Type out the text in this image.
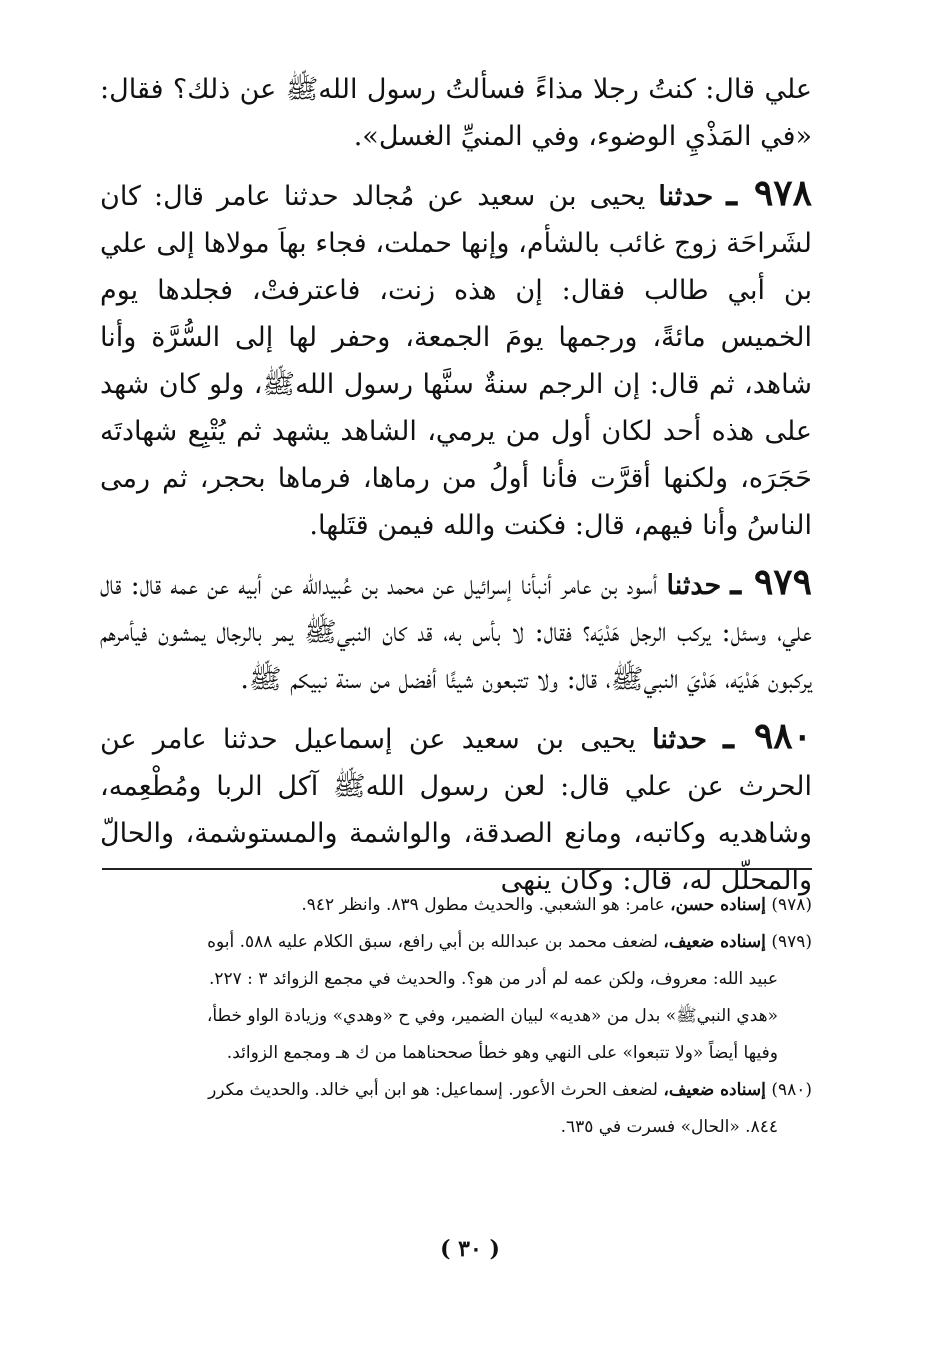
علي قال: كنتُ رجلا مذاءً فسألتُ رسول اللهﷺ عن ذلك؟ فقال: «في المَذْيِ الوضوء، وفي المنيِّ الغسل».

٩٧٨ ـ حدثنا يحيى بن سعيد عن مُجالد حدثنا عامر قال: كان لشَراحَة زوج غائب بالشأم، وإنها حملت، فجاء بهاَ مولاها إلى علي بن أبي طالب فقال: إن هذه زنت، فاعترفتْ، فجلدها يوم الخميس مائةً، ورجمها يومَ الجمعة، وحفر لها إلى السُّرَّة وأنا شاهد، ثم قال: إن الرجم سنةٌ سنَّها رسول اللهﷺ، ولو كان شهد على هذه أحد لكان أول من يرمي، الشاهد يشهد ثم يُتْبِع شهادتَه حَجَرَه، ولكنها أقرَّت فأنا أولُ من رماها، فرماها بحجر، ثم رمى الناسُ وأنا فيهم، قال: فكنت والله فيمن قتَلها.

٩٧٩ ـ حدثنا أسود بن عامر أنبأنا إسرائيل عن محمد بن عُبيدالله عن أبيه عن عمه قال: قال علي، وسئل: يركب الرجل هَدْيَه؟ فقال: لا بأس به، قد كان النبيﷺ يمر بالرجال يمشون فيأمرهم يركبون هَدْيَه، هَدْيَ النبيﷺ، قال: ولا تتبعون شيئًا أفضل من سنة نبيكم ﷺ.

٩٨٠ ـ حدثنا يحيى بن سعيد عن إسماعيل حدثنا عامر عن الحرث عن علي قال: لعن رسول اللهﷺ آكل الربا ومُطْعِمه، وشاهديه وكاتبه، ومانع الصدقة، والواشمة والمستوشمة، والحالّ والمحلّل له، قال: وكان ينهى

(٩٧٨) إسناده حسن، عامر: هو الشعبي. والحديث مطول ٨٣٩. وانظر ٩٤٢.

(٩٧٩) إسناده ضعيف، لضعف محمد بن عبدالله بن أبي رافع، سبق الكلام عليه ٥٨٨. أبوه

عبيد الله: معروف، ولكن عمه لم أدر من هو؟. والحديث في مجمع الزوائد ٣ : ٢٢٧.

«هدي النبيﷺ» بدل من «هديه» لبيان الضمير، وفي ح «وهدي» وزيادة الواو خطأ،

وفيها أيضاً «ولا تتبعوا» على النهي وهو خطأ صححناهما من ك هـ ومجمع الزوائد.

(٩٨٠) إسناده ضعيف، لضعف الحرث الأعور. إسماعيل: هو ابن أبي خالد. والحديث مكرر

٨٤٤. «الحال» فسرت في ٦٣٥.

( ٣٠ )
